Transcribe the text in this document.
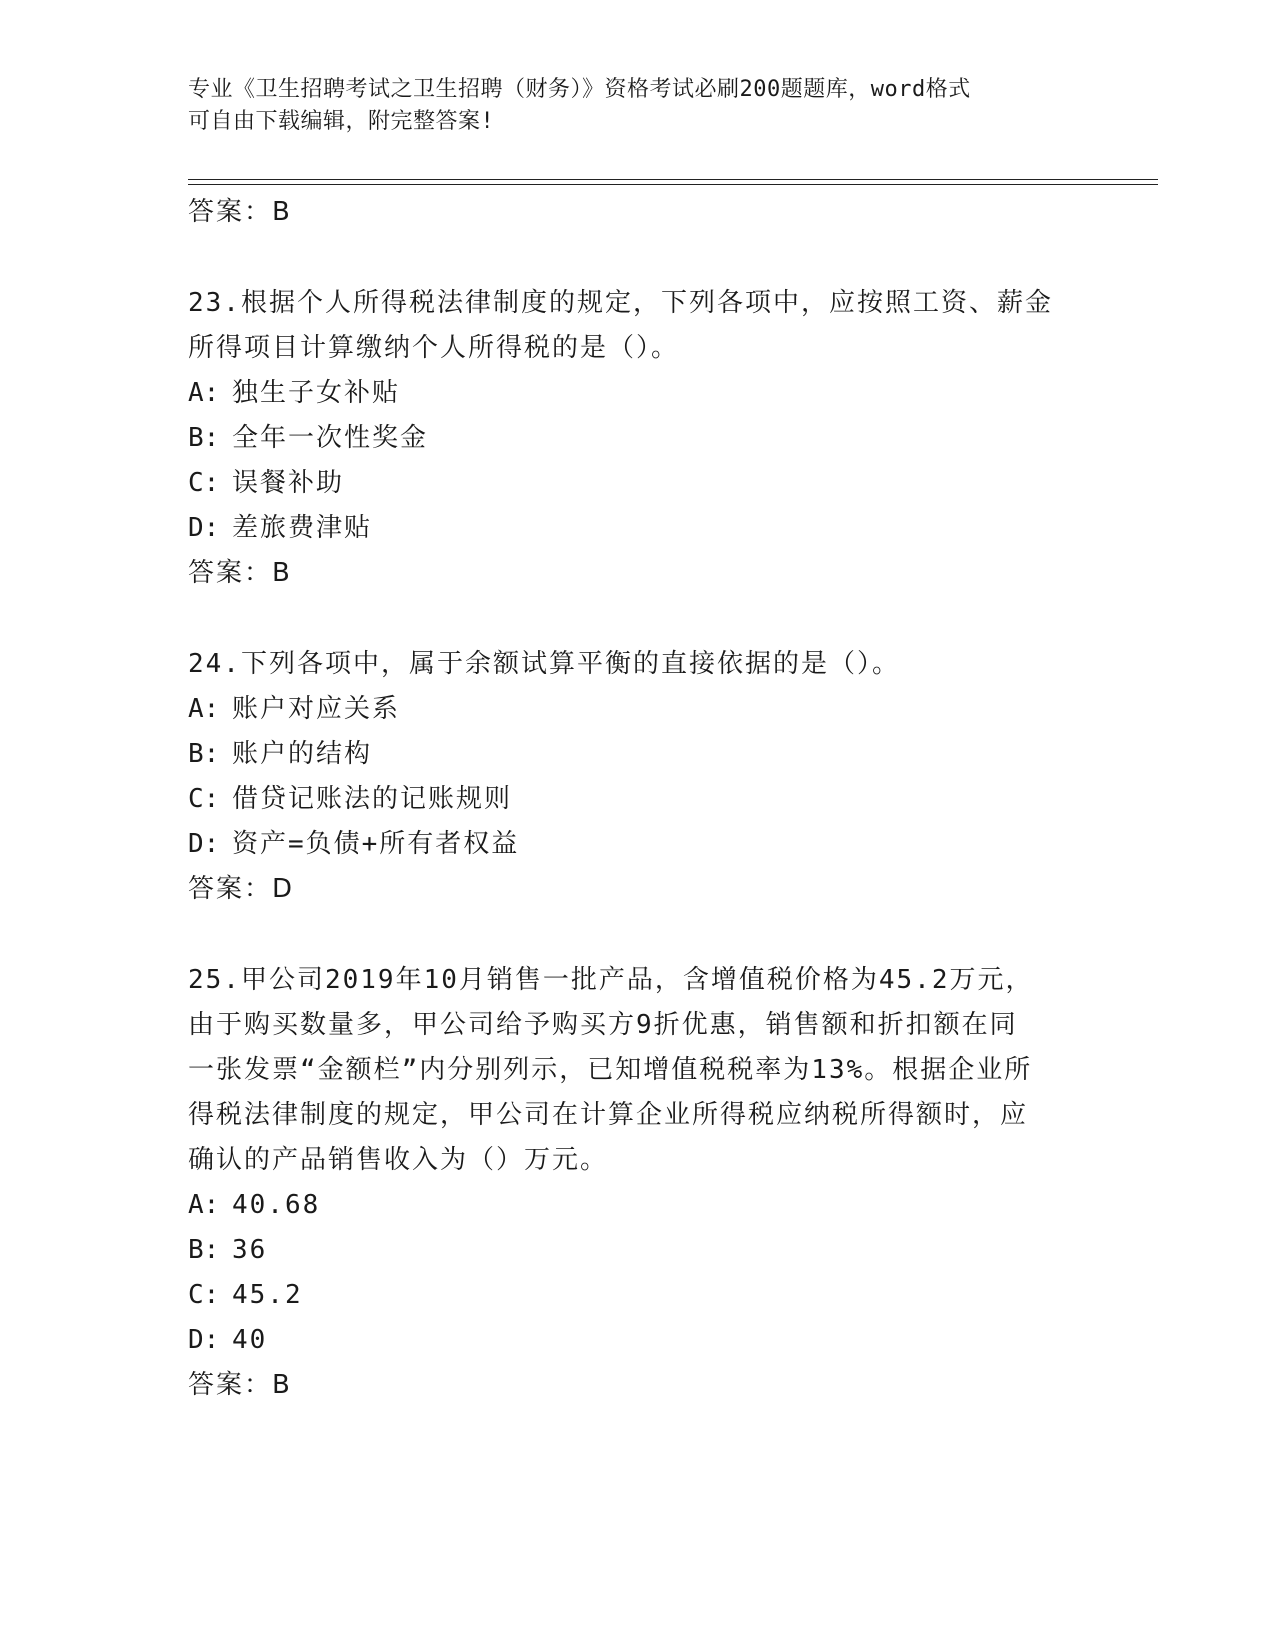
专业《卫生招聘考试之卫生招聘（财务）》资格考试必刷200题题库，word格式
可自由下载编辑，附完整答案!
答案：B
23.根据个人所得税法律制度的规定，下列各项中，应按照工资、薪金
所得项目计算缴纳个人所得税的是（）。
A: 独生子女补贴
B: 全年一次性奖金
C: 误餐补助
D: 差旅费津贴
答案：B
24.下列各项中，属于余额试算平衡的直接依据的是（）。
A: 账户对应关系
B: 账户的结构
C: 借贷记账法的记账规则
D: 资产=负债+所有者权益
答案：D
25.甲公司2019年10月销售一批产品，含增值税价格为45.2万元，
由于购买数量多，甲公司给予购买方9折优惠，销售额和折扣额在同
一张发票“金额栏”内分别列示，已知增值税税率为13%。根据企业所
得税法律制度的规定，甲公司在计算企业所得税应纳税所得额时，应
确认的产品销售收入为（）万元。
A: 40.68
B: 36
C: 45.2
D: 40
答案：B
